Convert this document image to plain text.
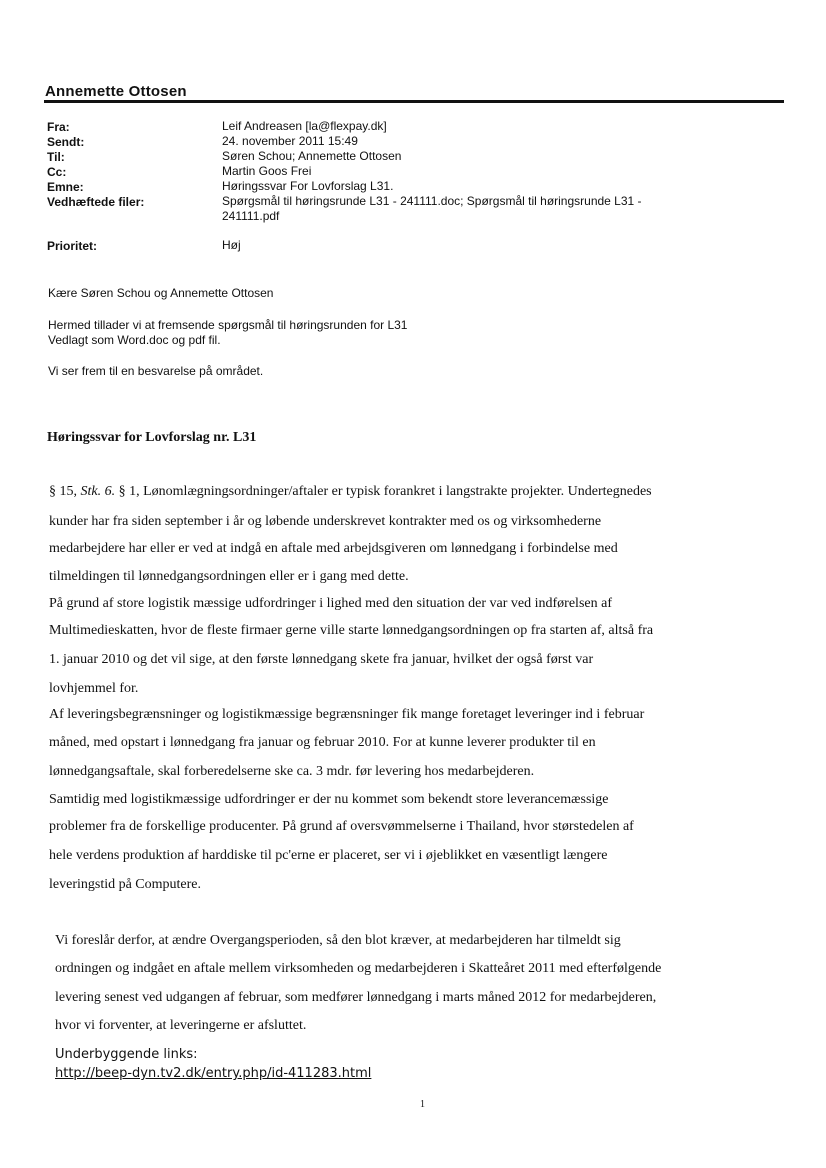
Annemette Ottosen
Fra:	Leif Andreasen [la@flexpay.dk]
Sendt:	24. november 2011 15:49
Til:	Søren Schou; Annemette Ottosen
Cc:	Martin Goos Frei
Emne:	Høringssvar For Lovforslag L31.
Vedhæftede filer:	Spørgsmål til høringsrunde L31 - 241111.doc; Spørgsmål til høringsrunde L31 -
241111.pdf
Prioritet:	Høj
Kære Søren Schou og Annemette Ottosen
Hermed tillader vi at fremsende spørgsmål til høringsrunden for L31
Vedlagt som Word.doc og pdf fil.
Vi ser frem til en besvarelse på området.
Høringssvar for Lovforslag nr. L31
§ 15, Stk. 6. § 1, Lønomlægningsordninger/aftaler er typisk forankret i langstrakte projekter. Undertegnedes
kunder har fra siden september i år og løbende underskrevet kontrakter med os og virksomhederne
medarbejdere har eller er ved at indgå en aftale med arbejdsgiveren om lønnedgang i forbindelse med
tilmeldingen til lønnedgangsordningen eller er i gang med dette.
På grund af store logistik mæssige udfordringer i lighed med den situation der var ved indførelsen af
Multimedieskatten, hvor de fleste firmaer gerne ville starte lønnedgangsordningen op fra starten af, altså fra
1. januar 2010 og det vil sige, at den første lønnedgang skete fra januar, hvilket der også først var
lovhjemmel for.
Af leveringsbegrænsninger og logistikmæssige begrænsninger fik mange foretaget leveringer ind i februar
måned, med opstart i lønnedgang fra januar og februar 2010. For at kunne leverer produkter til en
lønnedgangsaftale, skal forberedelserne ske ca. 3 mdr. før levering hos medarbejderen.
Samtidig med logistikmæssige udfordringer er der nu kommet som bekendt store leverancemæssige
problemer fra de forskellige producenter. På grund af oversvømmelserne i Thailand, hvor størstedelen af
hele verdens produktion af harddiske til pc'erne er placeret, ser vi i øjeblikket en væsentligt længere
leveringstid på Computere.
Vi foreslår derfor, at ændre Overgangsperioden, så den blot kræver, at medarbejderen har tilmeldt sig
ordningen og indgået en aftale mellem virksomheden og medarbejderen i Skatteåret 2011 med efterfølgende
levering senest ved udgangen af februar, som medfører lønnedgang i marts måned 2012 for medarbejderen,
hvor vi forventer, at leveringerne er afsluttet.
Underbyggende links:
http://beep-dyn.tv2.dk/entry.php/id-411283.html
1
